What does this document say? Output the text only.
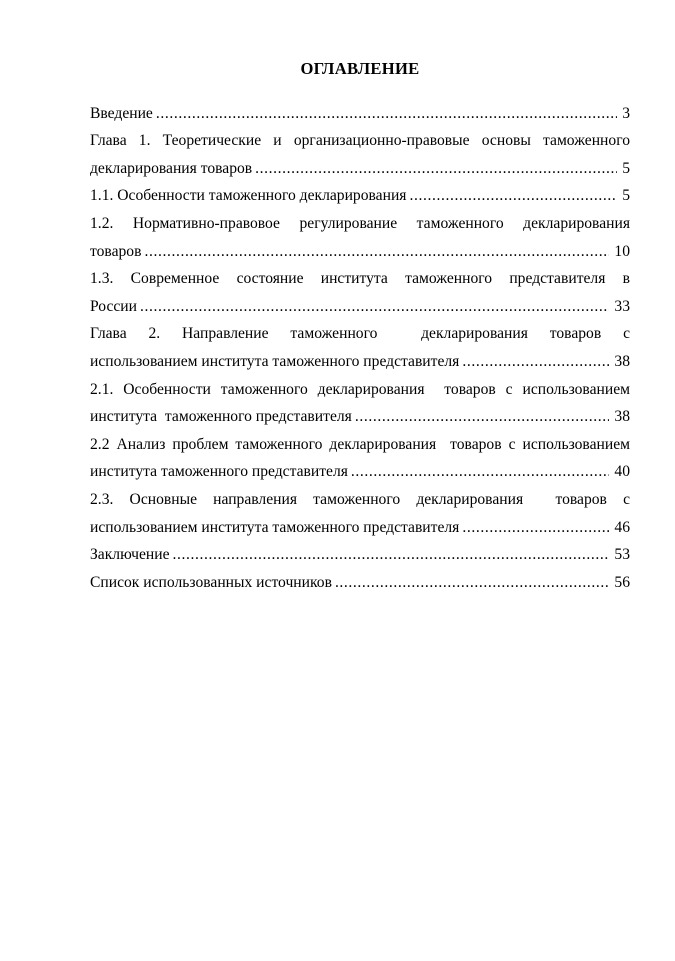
ОГЛАВЛЕНИЕ
Введение .....	3
Глава 1. Теоретические и организационно-правовые основы таможенного
декларирования товаров .....	5
1.1. Особенности таможенного декларирования .....	5
1.2. Нормативно-правовое регулирование таможенного декларирования
товаров .....	10
1.3. Современное состояние института таможенного представителя в
России .....	33
Глава 2. Направление таможенного  декларирования товаров с
использованием института таможенного представителя .....	38
2.1. Особенности таможенного декларирования  товаров с использованием
института  таможенного представителя .....	38
2.2 Анализ проблем таможенного декларирования  товаров с использованием
института таможенного представителя .....	40
2.3. Основные направления таможенного декларирования  товаров с
использованием института таможенного представителя .....	46
Заключение .....	53
Список использованных источников .....	56
